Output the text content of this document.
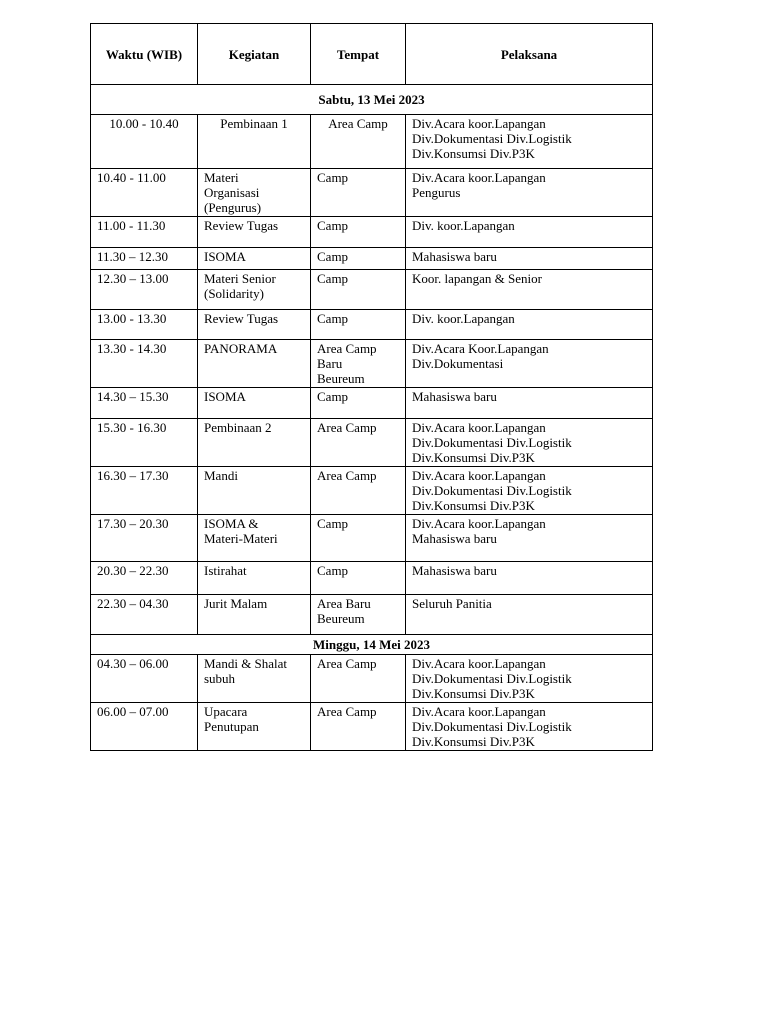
Waktu (WIB)	Kegiatan	Tempat	Pelaksana
Sabtu, 13 Mei 2023			
10.00 - 10.40	Pembinaan 1	Area Camp	Div.Acara koor.Lapangan
Div.Dokumentasi Div.Logistik
Div.Konsumsi Div.P3K

10.40 - 11.00	Materi
Organisasi
(Pengurus)	Camp	Div.Acara koor.Lapangan
Pengurus

11.00 - 11.30	Review Tugas	Camp	Div. koor.Lapangan

11.30 – 12.30	ISOMA	Camp	Mahasiswa baru

12.30 – 13.00	Materi Senior
(Solidarity)	Camp	Koor. lapangan & Senior

13.00 - 13.30	Review Tugas	Camp	Div. koor.Lapangan

13.30 - 14.30	PANORAMA	Area Camp
Baru
Beureum	Div.Acara Koor.Lapangan
Div.Dokumentasi

14.30 – 15.30	ISOMA	Camp	Mahasiswa baru

15.30 - 16.30	Pembinaan 2	Area Camp	Div.Acara koor.Lapangan
Div.Dokumentasi Div.Logistik
Div.Konsumsi Div.P3K

16.30 – 17.30	Mandi	Area Camp	Div.Acara koor.Lapangan
Div.Dokumentasi Div.Logistik
Div.Konsumsi Div.P3K

17.30 – 20.30	ISOMA &
Materi-Materi	Camp	Div.Acara koor.Lapangan
Mahasiswa baru

20.30 – 22.30	Istirahat	Camp	Mahasiswa baru

22.30 – 04.30	Jurit Malam	Area Baru
Beureum	Seluruh Panitia

Minggu, 14 Mei 2023			
04.30 – 06.00	Mandi & Shalat
subuh	Area Camp	Div.Acara koor.Lapangan
Div.Dokumentasi Div.Logistik
Div.Konsumsi Div.P3K

06.00 – 07.00	Upacara
Penutupan	Area Camp	Div.Acara koor.Lapangan
Div.Dokumentasi Div.Logistik
Div.Konsumsi Div.P3K
